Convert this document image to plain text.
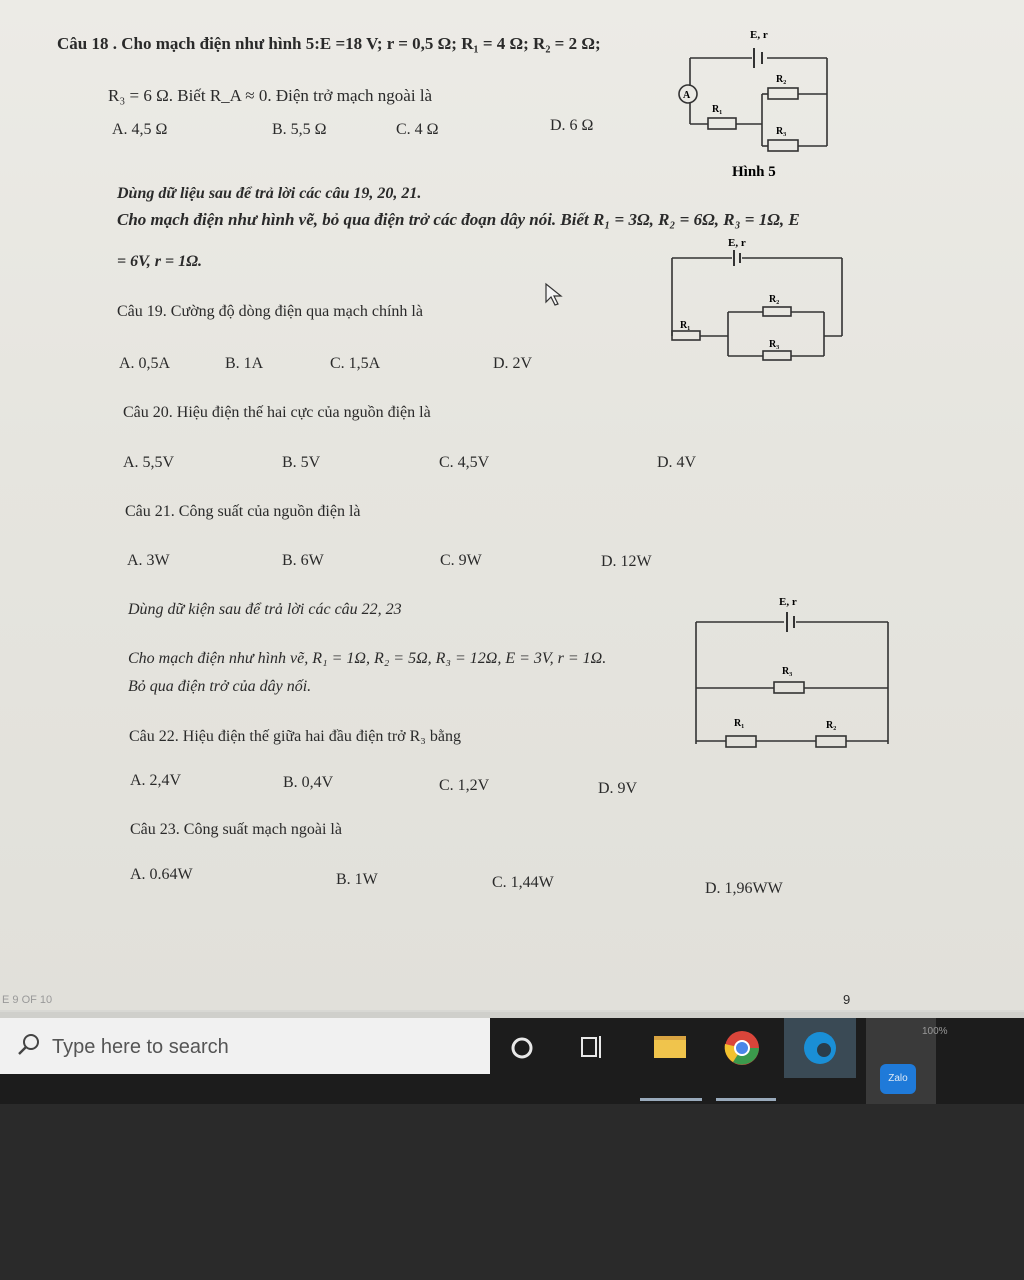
Câu 18 . Cho mạch điện như hình 5:E =18 V; r = 0,5 Ω; R₁ = 4 Ω; R₂ = 2 Ω;
R₃ = 6 Ω. Biết R_A ≈ 0. Điện trở mạch ngoài là
A. 4,5 Ω	B. 5,5 Ω	C. 4 Ω	D. 6 Ω
E, r
A
R₁
R₂
R₃
Hình 5
Dùng dữ liệu sau để trả lời các câu 19, 20, 21.
Cho mạch điện như hình vẽ, bỏ qua điện trở các đoạn dây nói. Biết R₁ = 3Ω, R₂ = 6Ω, R₃ = 1Ω, E
= 6V, r = 1Ω.
E, r
R₁
R₂
R₃
Câu 19. Cường độ dòng điện qua mạch chính là
A. 0,5A	B. 1A	C. 1,5A	D. 2V
Câu 20. Hiệu điện thế hai cực của nguồn điện là
A. 5,5V	B. 5V	C. 4,5V	D. 4V
Câu 21. Công suất của nguồn điện là
A. 3W	B. 6W	C. 9W	D. 12W
Dùng dữ kiện sau để trả lời các câu 22, 23
Cho mạch điện như hình vẽ, R₁ = 1Ω, R₂ = 5Ω, R₃ = 12Ω, E = 3V, r = 1Ω.
Bỏ qua điện trở của dây nối.
E, r
R₃
R₁	R₂
Câu 22. Hiệu điện thế giữa hai đầu điện trở R₃ bằng
A. 2,4V	B. 0,4V	C. 1,2V	D. 9V
Câu 23. Công suất mạch ngoài là
A. 0.64W	B. 1W	C. 1,44W	D. 1,96WW
E 9 OF 10	9
100%
Type here to search
Zalo
